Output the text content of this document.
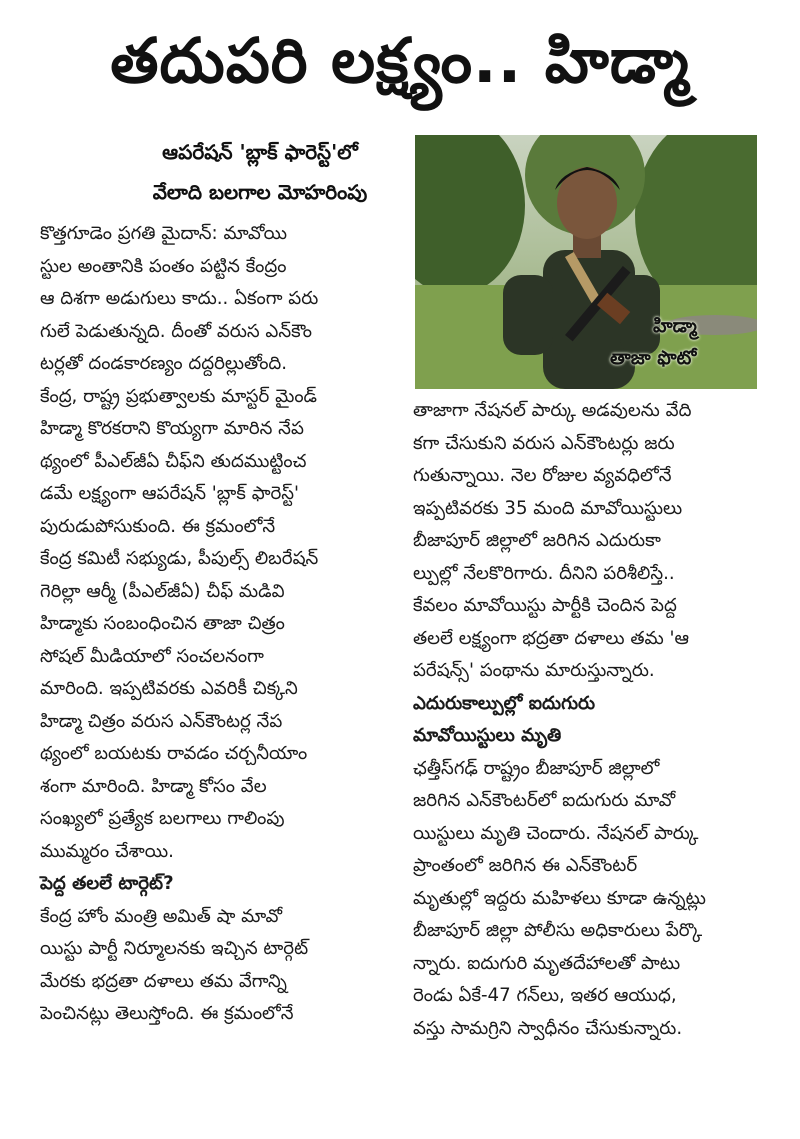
తదుపరి లక్ష్యం.. హిడ్మా
ఆపరేషన్ 'బ్లాక్ ఫారెస్ట్'లో
వేలాది బలగాల మోహరింపు
హిడ్మా
తాజా ఫొటో
కొత్తగూడెం ప్రగతి మైదాన్: మావోయి
స్టుల అంతానికి పంతం పట్టిన కేంద్రం
ఆ దిశగా అడుగులు కాదు.. ఏకంగా పరు
గులే పెడుతున్నది. దీంతో వరుస ఎన్‌కౌం
టర్లతో దండకారణ్యం దద్దరిల్లుతోంది.
కేంద్ర, రాష్ట్ర ప్రభుత్వాలకు మాస్టర్ మైండ్
హిడ్మా కొరకరాని కొయ్యగా మారిన నేప
థ్యంలో పీఎల్‌జీఏ చీఫ్‌ని తుదముట్టించ
డమే లక్ష్యంగా ఆపరేషన్ 'బ్లాక్ ఫారెస్ట్'
పురుడుపోసుకుంది. ఈ క్రమంలోనే
కేంద్ర కమిటీ సభ్యుడు, పీపుల్స్ లిబరేషన్
గెరిల్లా ఆర్మీ (పీఎల్‌జీఏ) చీఫ్ మడివి
హిడ్మాకు సంబంధించిన తాజా చిత్రం
సోషల్ మీడియాలో సంచలనంగా
మారింది. ఇప్పటివరకు ఎవరికీ చిక్కని
హిడ్మా చిత్రం వరుస ఎన్‌కౌంటర్ల నేప
థ్యంలో బయటకు రావడం చర్చనీయాం
శంగా మారింది. హిడ్మా కోసం వేల
సంఖ్యలో ప్రత్యేక బలగాలు గాలింపు
ముమ్మరం చేశాయి.
పెద్ద తలలే టార్గెట్?
కేంద్ర హోం మంత్రి అమిత్ షా మావో
యిస్టు పార్టీ నిర్మూలనకు ఇచ్చిన టార్గెట్
మేరకు భద్రతా దళాలు తమ వేగాన్ని
పెంచినట్లు తెలుస్తోంది. ఈ క్రమంలోనే
తాజాగా నేషనల్ పార్కు అడవులను వేది
కగా చేసుకుని వరుస ఎన్‌కౌంటర్లు జరు
గుతున్నాయి. నెల రోజుల వ్యవధిలోనే
ఇప్పటివరకు 35 మంది మావోయిస్టులు
బీజాపూర్ జిల్లాలో జరిగిన ఎదురుకా
ల్పుల్లో నేలకొరిగారు. దీనిని పరిశీలిస్తే..
కేవలం మావోయిస్టు పార్టీకి చెందిన పెద్ద
తలలే లక్ష్యంగా భద్రతా దళాలు తమ 'ఆ
పరేషన్స్' పంథాను మారుస్తున్నారు.
ఎదురుకాల్పుల్లో ఐదుగురు
మావోయిస్టులు మృతి
ఛత్తీస్‌గఢ్ రాష్ట్రం బీజాపూర్ జిల్లాలో
జరిగిన ఎన్‌కౌంటర్‌లో ఐదుగురు మావో
యిస్టులు మృతి చెందారు. నేషనల్ పార్కు
ప్రాంతంలో జరిగిన ఈ ఎన్‌కౌంటర్
మృతుల్లో ఇద్దరు మహిళలు కూడా ఉన్నట్లు
బీజాపూర్ జిల్లా పోలీసు అధికారులు పేర్కొ
న్నారు. ఐదుగురి మృతదేహాలతో పాటు
రెండు ఏకే-47 గన్‌లు, ఇతర ఆయుధ,
వస్తు సామగ్రిని స్వాధీనం చేసుకున్నారు.
